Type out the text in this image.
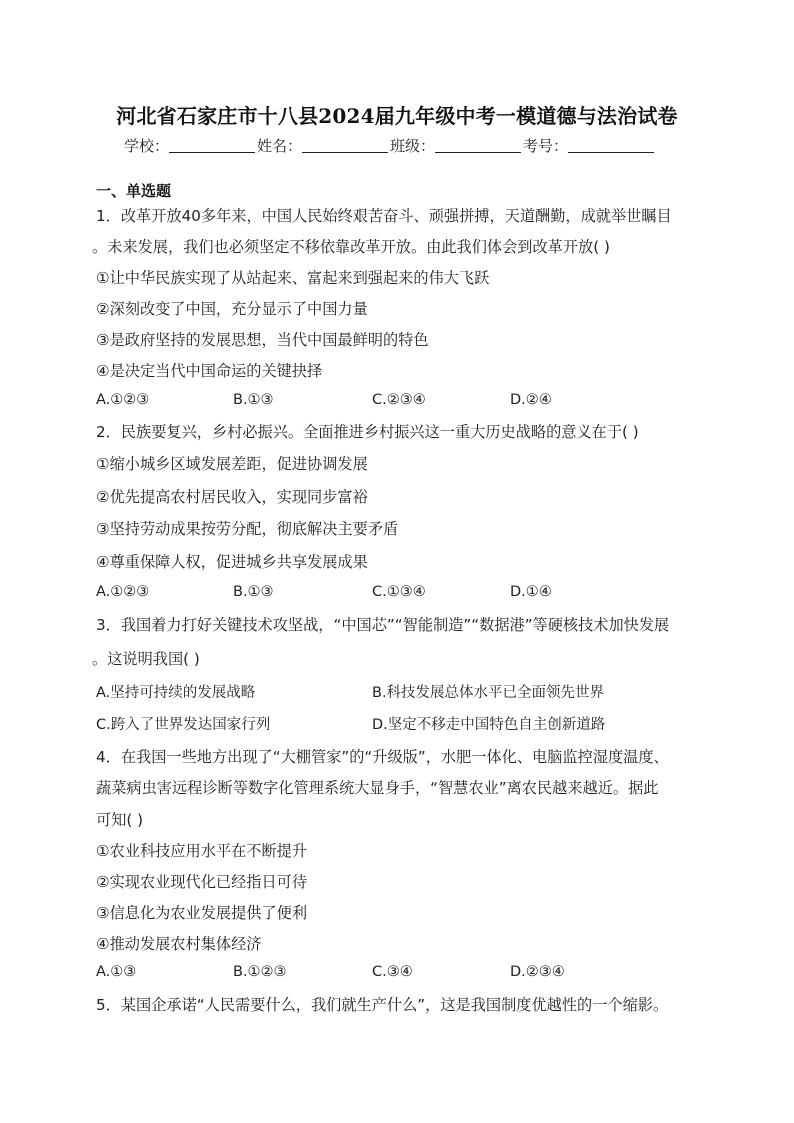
河北省石家庄市十八县2024届九年级中考一模道德与法治试卷
学校：	姓名：	班级：	考号：
一、单选题
1．改革开放40多年来，中国人民始终艰苦奋斗、顽强拼搏，天道酬勤，成就举世瞩目
。未来发展，我们也必须坚定不移依靠改革开放。由此我们体会到改革开放( )
①让中华民族实现了从站起来、富起来到强起来的伟大飞跃
②深刻改变了中国，充分显示了中国力量
③是政府坚持的发展思想，当代中国最鲜明的特色
④是决定当代中国命运的关键抉择
A.①②③	B.①③	C.②③④	D.②④
2．民族要复兴，乡村必振兴。全面推进乡村振兴这一重大历史战略的意义在于( )
①缩小城乡区域发展差距，促进协调发展
②优先提高农村居民收入，实现同步富裕
③坚持劳动成果按劳分配，彻底解决主要矛盾
④尊重保障人权，促进城乡共享发展成果
A.①②③	B.①③	C.①③④	D.①④
3．我国着力打好关键技术攻坚战，“中国芯”“智能制造”“数据港”等硬核技术加快发展
。这说明我国( )
A.坚持可持续的发展战略	B.科技发展总体水平已全面领先世界
C.跨入了世界发达国家行列	D.坚定不移走中国特色自主创新道路
4．在我国一些地方出现了“大棚管家”的“升级版”，水肥一体化、电脑监控湿度温度、
蔬菜病虫害远程诊断等数字化管理系统大显身手，“智慧农业”离农民越来越近。据此
可知( )
①农业科技应用水平在不断提升
②实现农业现代化已经指日可待
③信息化为农业发展提供了便利
④推动发展农村集体经济
A.①③	B.①②③	C.③④	D.②③④
5．某国企承诺“人民需要什么，我们就生产什么”，这是我国制度优越性的一个缩影。
